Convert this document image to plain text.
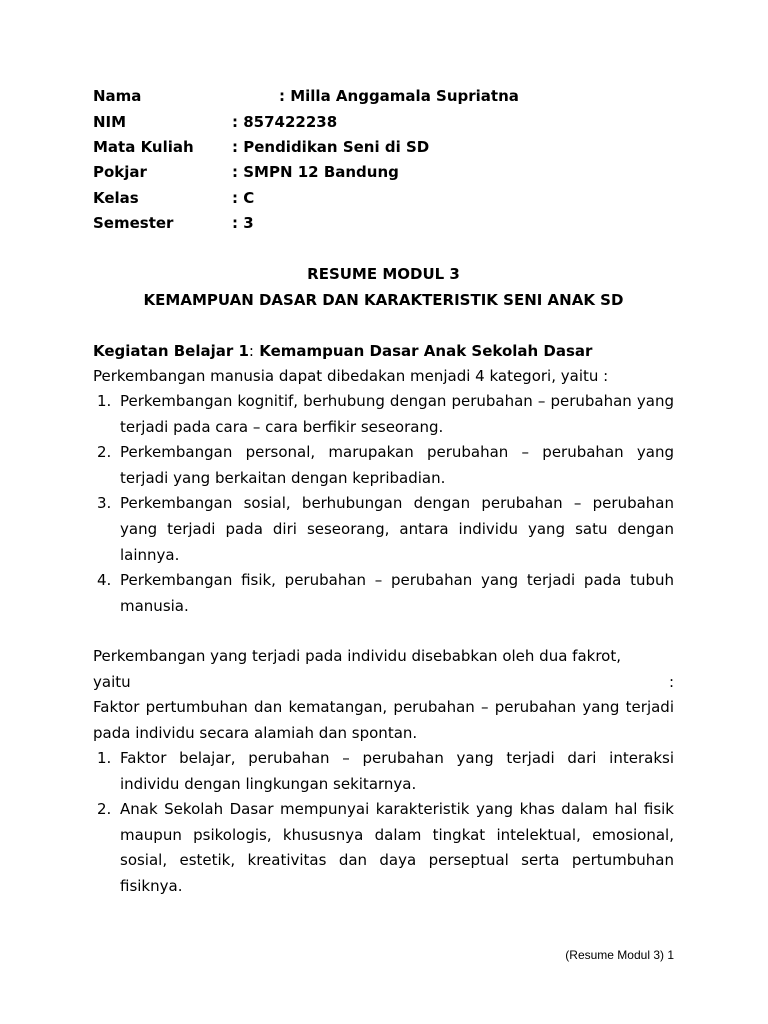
Nama	: Milla Anggamala Supriatna
NIM	: 857422238
Mata Kuliah	: Pendidikan Seni di SD
Pokjar	: SMPN 12 Bandung
Kelas	: C
Semester	: 3
RESUME MODUL 3
KEMAMPUAN DASAR DAN KARAKTERISTIK SENI ANAK SD
Kegiatan Belajar 1: Kemampuan Dasar Anak Sekolah Dasar
Perkembangan manusia dapat dibedakan menjadi 4 kategori, yaitu :
1. Perkembangan kognitif, berhubung dengan perubahan – perubahan yang terjadi pada cara – cara berfikir seseorang.
2. Perkembangan personal, marupakan perubahan – perubahan yang terjadi yang berkaitan dengan kepribadian.
3. Perkembangan sosial, berhubungan dengan perubahan – perubahan yang terjadi pada diri seseorang, antara individu yang satu dengan lainnya.
4. Perkembangan fisik, perubahan – perubahan yang terjadi pada tubuh manusia.
Perkembangan yang terjadi pada individu disebabkan oleh dua fakrot,
yaitu	:
Faktor pertumbuhan dan kematangan, perubahan – perubahan yang terjadi pada individu secara alamiah dan spontan.
1. Faktor belajar, perubahan – perubahan yang terjadi dari interaksi individu dengan lingkungan sekitarnya.
2. Anak Sekolah Dasar mempunyai karakteristik yang khas dalam hal fisik maupun psikologis, khususnya dalam tingkat intelektual, emosional, sosial, estetik, kreativitas dan daya perseptual serta pertumbuhan fisiknya.
(Resume Modul 3) 1
